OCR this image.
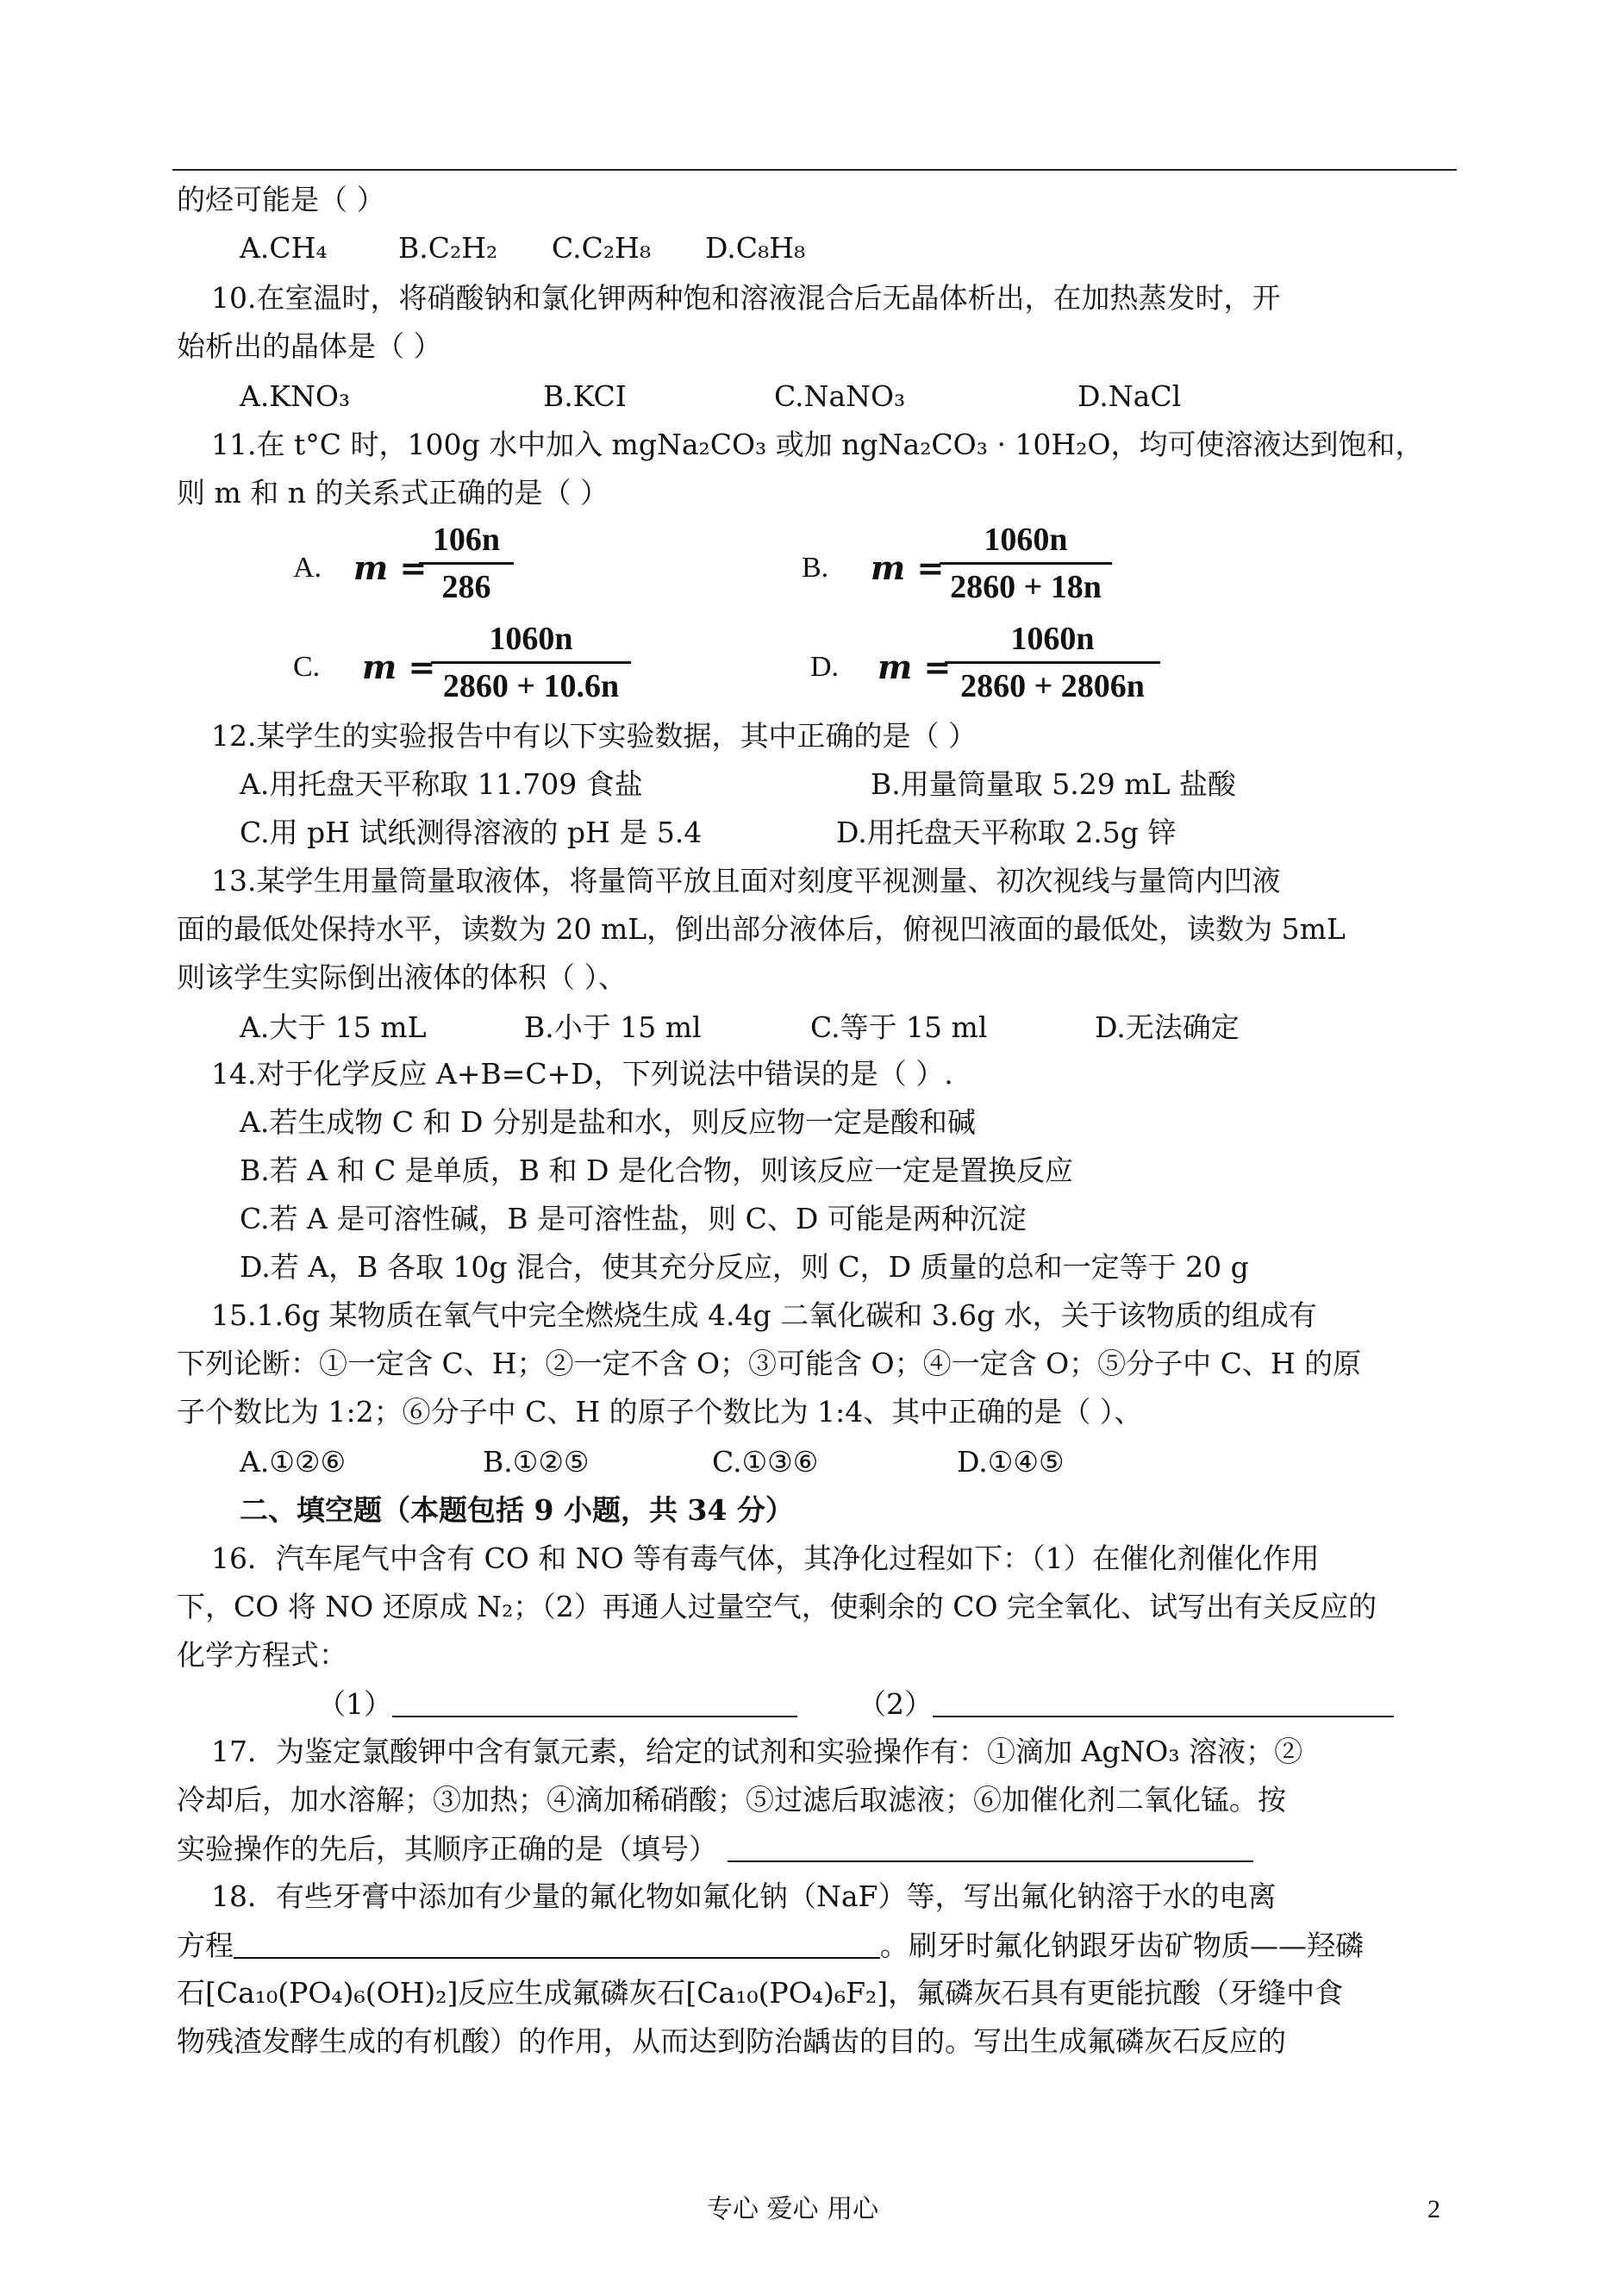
的烃可能是（ ）
A.CH₄ B.C₂H₂ C.C₂H₈ D.C₈H₈
10.在室温时，将硝酸钠和氯化钾两种饱和溶液混合后无晶体析出，在加热蒸发时，开
始析出的晶体是（ ）
A.KNO₃	B.KCI	C.NaNO₃	D.NaCl
11.在 t°C 时，100g 水中加入 mgNa₂CO₃ 或加 ngNa₂CO₃ · 10H₂O，均可使溶液达到饱和，
则 m 和 n 的关系式正确的是（ ）
A. m =
106n
286
B. m =
1060n
2860 + 18n
C. m =
1060n
2860 + 10.6n
D. m =
1060n
2860 + 2806n
12.某学生的实验报告中有以下实验数据，其中正确的是（ ）
A.用托盘天平称取 11.709 食盐	B.用量筒量取 5.29 mL 盐酸
C.用 pH 试纸测得溶液的 pH 是 5.4	D.用托盘天平称取 2.5g 锌
13.某学生用量筒量取液体，将量筒平放且面对刻度平视测量、初次视线与量筒内凹液
面的最低处保持水平，读数为 20 mL，倒出部分液体后，俯视凹液面的最低处，读数为 5mL
则该学生实际倒出液体的体积（ ）、
A.大于 15 mL	B.小于 15 ml	C.等于 15 ml	D.无法确定
14.对于化学反应 A+B=C+D，下列说法中错误的是（ ）.
A.若生成物 C 和 D 分别是盐和水，则反应物一定是酸和碱
B.若 A 和 C 是单质，B 和 D 是化合物，则该反应一定是置换反应
C.若 A 是可溶性碱，B 是可溶性盐，则 C、D 可能是两种沉淀
D.若 A，B 各取 10g 混合，使其充分反应，则 C，D 质量的总和一定等于 20 g
15.1.6g 某物质在氧气中完全燃烧生成 4.4g 二氧化碳和 3.6g 水，关于该物质的组成有
下列论断：①一定含 C、H；②一定不含 O；③可能含 O；④一定含 O；⑤分子中 C、H 的原
子个数比为 1:2；⑥分子中 C、H 的原子个数比为 1:4、其中正确的是（ ）、
A.①②⑥	B.①②⑤	C.①③⑥	D.①④⑤
二、填空题（本题包括 9 小题，共 34 分）
16．汽车尾气中含有 CO 和 NO 等有毒气体，其净化过程如下：（1）在催化剂催化作用
下，CO 将 NO 还原成 N₂；（2）再通人过量空气，使剩余的 CO 完全氧化、试写出有关反应的
化学方程式：
（1）	（2）
17．为鉴定氯酸钾中含有氯元素，给定的试剂和实验操作有：①滴加 AgNO₃ 溶液；②
冷却后，加水溶解；③加热；④滴加稀硝酸；⑤过滤后取滤液；⑥加催化剂二氧化锰。按
实验操作的先后，其顺序正确的是（填号）
18．有些牙膏中添加有少量的氟化物如氟化钠（NaF）等，写出氟化钠溶于水的电离
方程	。刷牙时氟化钠跟牙齿矿物质——羟磷
石[Ca₁₀(PO₄)₆(OH)₂]反应生成氟磷灰石[Ca₁₀(PO₄)₆F₂]，氟磷灰石具有更能抗酸（牙缝中食
物残渣发酵生成的有机酸）的作用，从而达到防治龋齿的目的。写出生成氟磷灰石反应的
专心 爱心 用心	2
